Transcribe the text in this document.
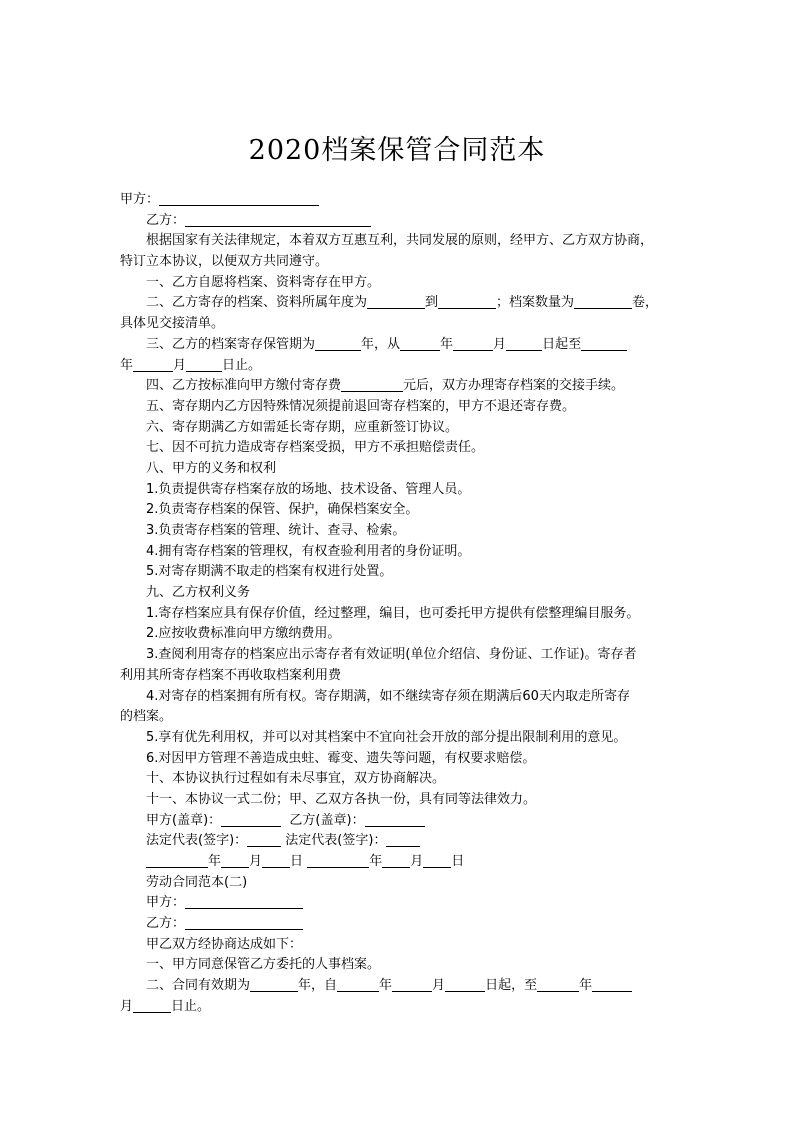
2020档案保管合同范本
甲方：
乙方：
根据国家有关法律规定，本着双方互惠互利，共同发展的原则，经甲方、乙方双方协商，
特订立本协议，以便双方共同遵守。
一、乙方自愿将档案、资料寄存在甲方。
二、乙方寄存的档案、资料所属年度为	到	；档案数量为	卷，
具体见交接清单。
三、乙方的档案寄存保管期为	年，从	年	月	日起至
年	月	日止。
四、乙方按标准向甲方缴付寄存费	元后，双方办理寄存档案的交接手续。
五、寄存期内乙方因特殊情况须提前退回寄存档案的，甲方不退还寄存费。
六、寄存期满乙方如需延长寄存期，应重新签订协议。
七、因不可抗力造成寄存档案受损，甲方不承担赔偿责任。
八、甲方的义务和权利
1.负责提供寄存档案存放的场地、技术设备、管理人员。
2.负责寄存档案的保管、保护，确保档案安全。
3.负责寄存档案的管理、统计、查寻、检索。
4.拥有寄存档案的管理权，有权查验利用者的身份证明。
5.对寄存期满不取走的档案有权进行处置。
九、乙方权利义务
1.寄存档案应具有保存价值，经过整理，编目，也可委托甲方提供有偿整理编目服务。
2.应按收费标准向甲方缴纳费用。
3.查阅利用寄存的档案应出示寄存者有效证明(单位介绍信、身份证、工作证)。寄存者
利用其所寄存档案不再收取档案利用费
4.对寄存的档案拥有所有权。寄存期满，如不继续寄存须在期满后60天内取走所寄存
的档案。
5.享有优先利用权，并可以对其档案中不宜向社会开放的部分提出限制利用的意见。
6.对因甲方管理不善造成虫蛀、霉变、遗失等问题，有权要求赔偿。
十、本协议执行过程如有未尽事宜，双方协商解决。
十一、本协议一式二份；甲、乙双方各执一份，具有同等法律效力。
甲方(盖章)：	乙方(盖章)：
法定代表(签字)：	法定代表(签字)：
年 月 日	年 月 日
劳动合同范本(二)
甲方：
乙方：
甲乙双方经协商达成如下：
一、甲方同意保管乙方委托的人事档案。
二、合同有效期为	年，自	年	月	日起，至	年
月	日止。
